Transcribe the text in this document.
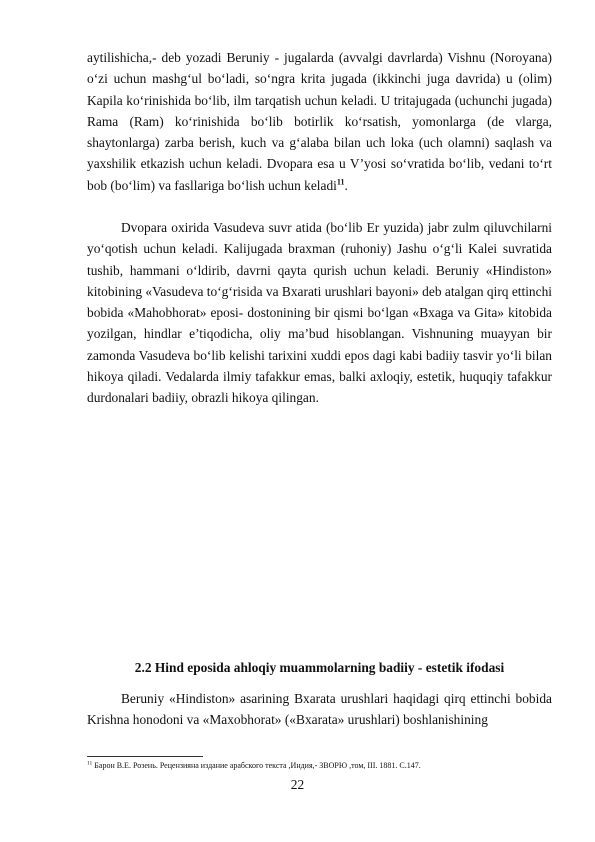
aytilishicha,- deb yozadi Beruniy - jugalarda (avvalgi davrlarda) Vishnu (Noroyana) o‘zi uchun mashg‘ul bo‘ladi, so‘ngra krita jugada (ikkinchi juga davrida) u (olim) Kapila ko‘rinishida bo‘lib, ilm tarqatish uchun keladi. U tritajugada (uchunchi jugada) Rama (Ram) ko‘rinishida bo‘lib botirlik ko‘rsatish, yomonlarga (de vlarga, shaytonlarga) zarba berish, kuch va g‘alaba bilan uch loka (uch olamni) saqlash va yaxshilik etkazish uchun keladi. Dvopara esa u V’yosi so‘vratida bo‘lib, vedani to‘rt bob (bo‘lim) va fasllariga bo‘lish uchun keladi$^{11}$.

Dvopara oxirida Vasudeva suvr atida (bo‘lib Er yuzida) jabr zulm qiluvchilarni yo‘qotish uchun keladi. Kalijugada braxman (ruhoniy) Jashu o‘g‘li Kalei suvratida tushib, hammani o‘ldirib, davrni qayta qurish uchun keladi. Beruniy «Hindiston» kitobining «Vasudeva to‘g‘risida va Bxarati urushlari bayoni» deb atalgan qirq ettinchi bobida «Mahobhorat» eposi- dostonining bir qismi bo‘lgan «Bxaga va Gita» kitobida yozilgan, hindlar e’tiqodicha, oliy ma’bud hisoblangan. Vishnuning muayyan bir zamonda Vasudeva bo‘lib kelishi tarixini xuddi epos dagi kabi badiiy tasvir yo‘li bilan hikoya qiladi. Vedalarda ilmiy tafakkur emas, balki axloqiy, estetik, huquqiy tafakkur durdonalari badiiy, obrazli hikoya qilingan.

2.2 Hind eposida ahloqiy muammolarning badiiy - estetik ifodasi

Beruniy «Hindiston» asarining Bxarata urushlari haqidagi qirq ettinchi bobida Krishna honodoni va «Maxobhorat» («Bxarata» urushlari) boshlanishining

$^{11}$ Барон В.Е. Розень. Рецензияна издание арабского текста ,Индия,- ЗВОРЮ ,том, III. 1881. С.147.

22
